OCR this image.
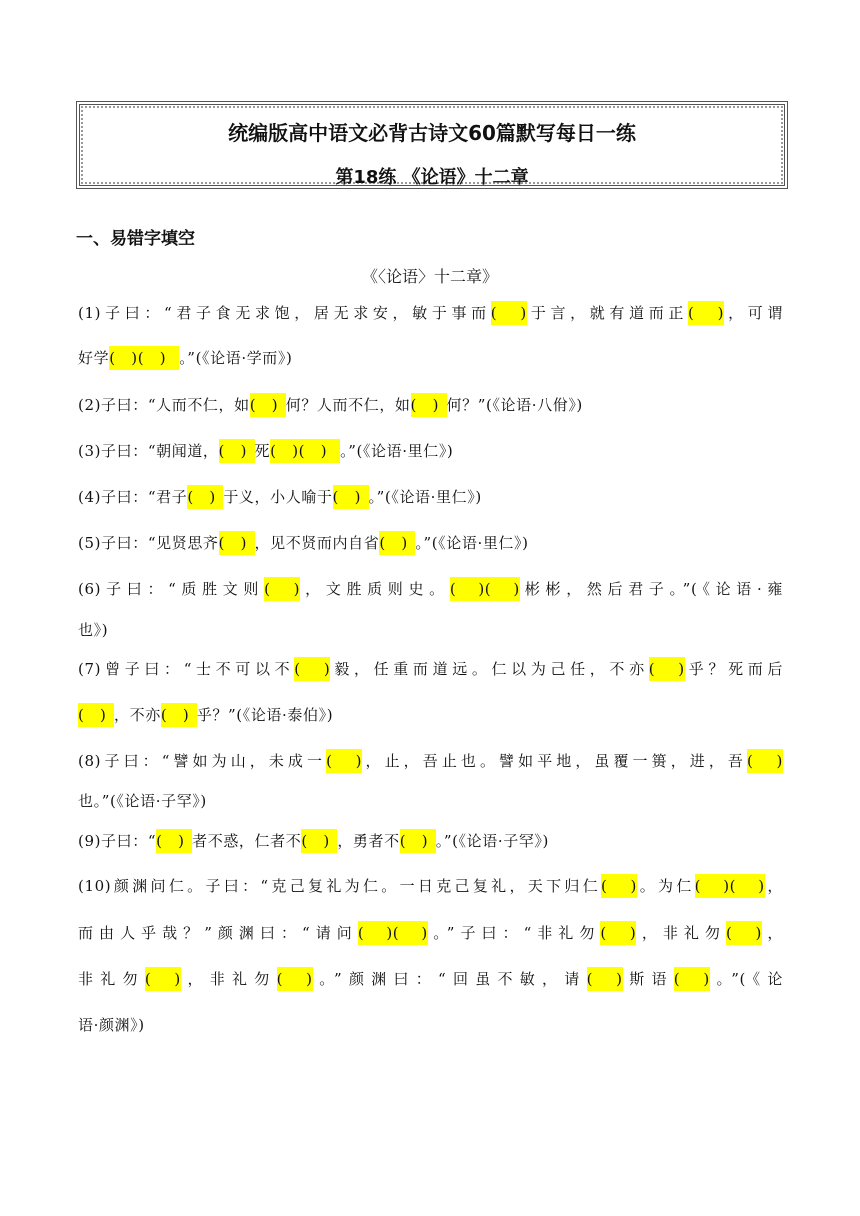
统编版高中语文必背古诗文60篇默写每日一练
第18练 《论语》十二章
一、易错字填空
《〈论语〉十二章》
(1)子曰：“君子食无求饱，居无求安，敏于事而(　)于言，就有道而正(　)，可谓
好学(　)(　) 。”(《论语·学而》)
(2)子曰：“人而不仁，如(　) 何？人而不仁，如(　) 何？”(《论语·八佾》)
(3)子曰：“朝闻道，(　) 死(　)(　) 。”(《论语·里仁》)
(4)子曰：“君子(　) 于义，小人喻于(　) 。”(《论语·里仁》)
(5)子曰：“见贤思齐(　) ，见不贤而内自省(　) 。”(《论语·里仁》)
(6)子曰：“质胜文则(　)，文胜质则史。(　)(　)彬彬，然后君子。”(《论语·雍
也》)
(7)曾子曰：“士不可以不(　)毅，任重而道远。仁以为己任，不亦(　)乎？死而后
(　) ，不亦(　) 乎？”(《论语·泰伯》)
(8)子曰：“譬如为山，未成一(　)，止，吾止也。譬如平地，虽覆一篑，进，吾(　)
也。”(《论语·子罕》)
(9)子曰：“(　) 者不惑，仁者不(　) ，勇者不(　) 。”(《论语·子罕》)
(10)颜渊问仁。子曰：“克己复礼为仁。一日克己复礼，天下归仁(　)。为仁(　)(　)，
而由人乎哉？”颜渊曰：“请问(　)(　)。”子曰：“非礼勿(　)，非礼勿(　)，
非礼勿(　)，非礼勿(　)。”颜渊曰：“回虽不敏，请(　)斯语(　)。”(《论
语·颜渊》)
